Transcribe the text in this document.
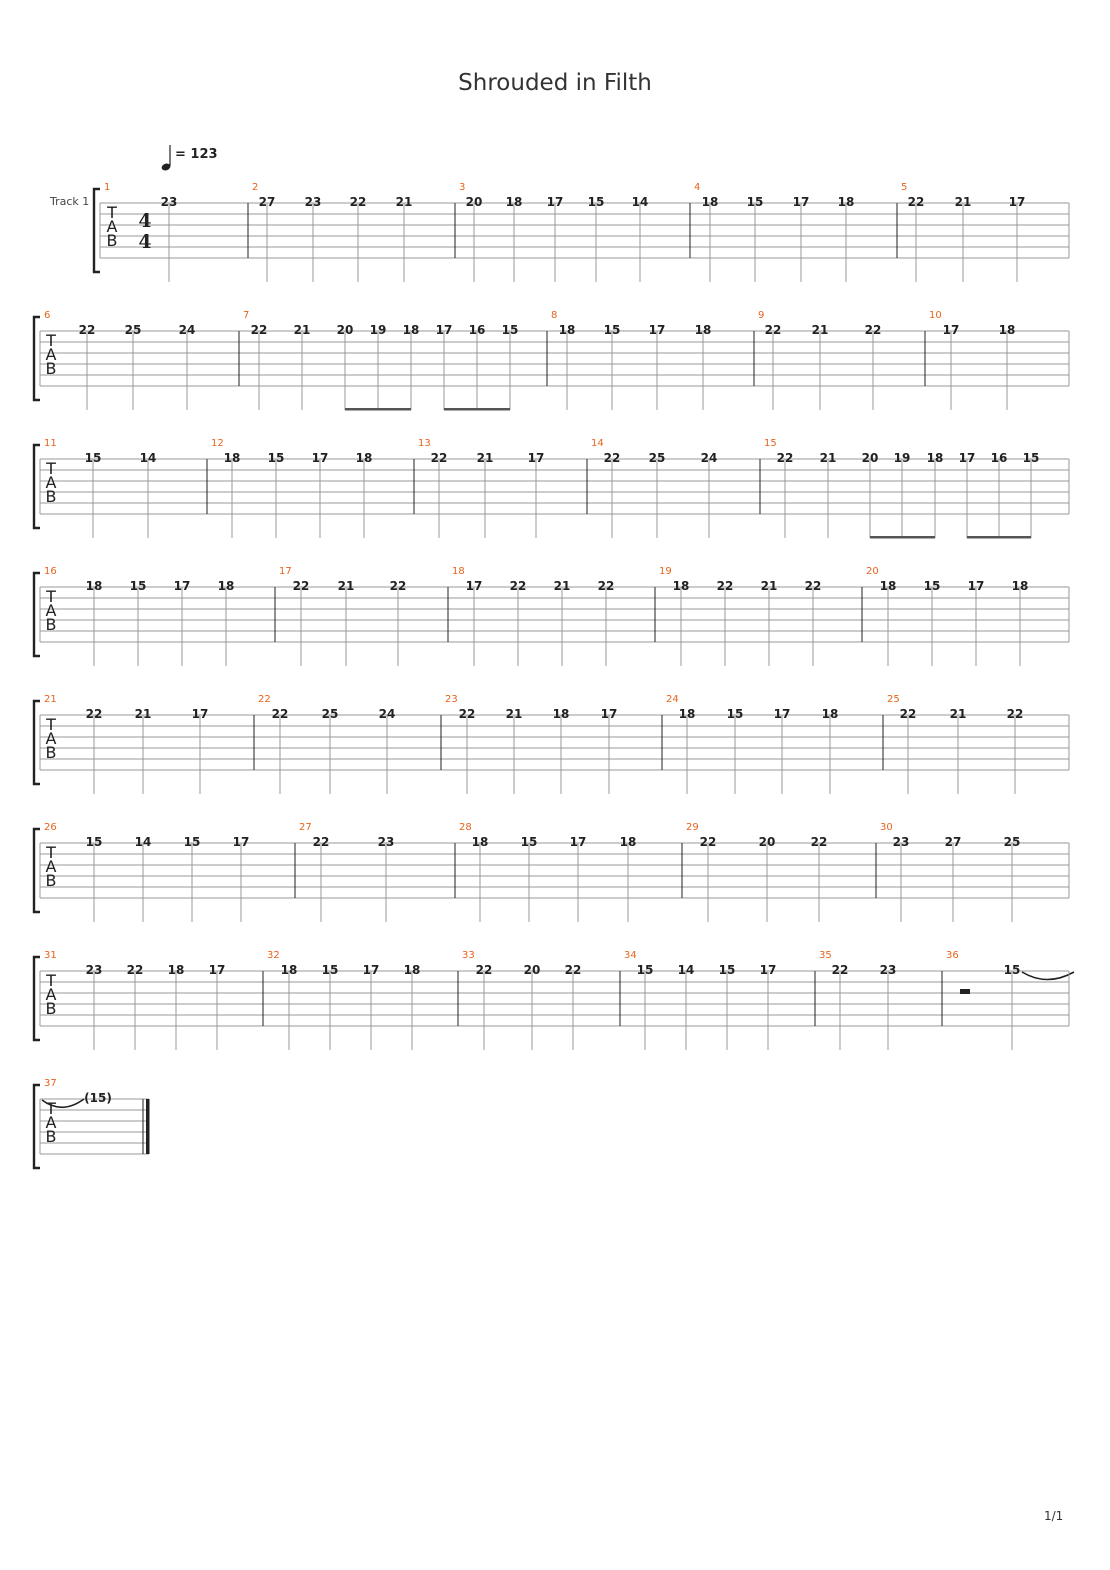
Shrouded in Filth
T
A
B
4
4
Track 1
= 123
1
23
2
27 23 22 21
3
20 18 17 15 14
4
18 15 17 18
5
22	21	17
T
A
B
6
22 25	24
7
22 21 20 19 18 17 16 15
8
18 15 17 18
9
22	21	22
10
17	18
T
A
B
11
15	14
12
18 15 17 18
13
22 21	17
14
22 25	24
15
22 21 20 19 18 17 16 15
T
A
B
16
18 15 17 18
17
22 21	22
18
17 22 21 22
19
18 22 21 22
20
18 15 17 18
T
A
B
21
22	21	17
22
22	25	24
23
22	21	18	17
24
18	15	17	18
25
22	21	22
T
A
B
26
15	14	15	17
27
22	23
28
18	15	17	18
29
22	20	22
30
23	27	25
T
A
B
31
23 22 18 17
32
18 15 17 18
33
22	20 22
34
15 14 15 17
35
22	23
36
15
T
A
B
37
(15)
1/1
